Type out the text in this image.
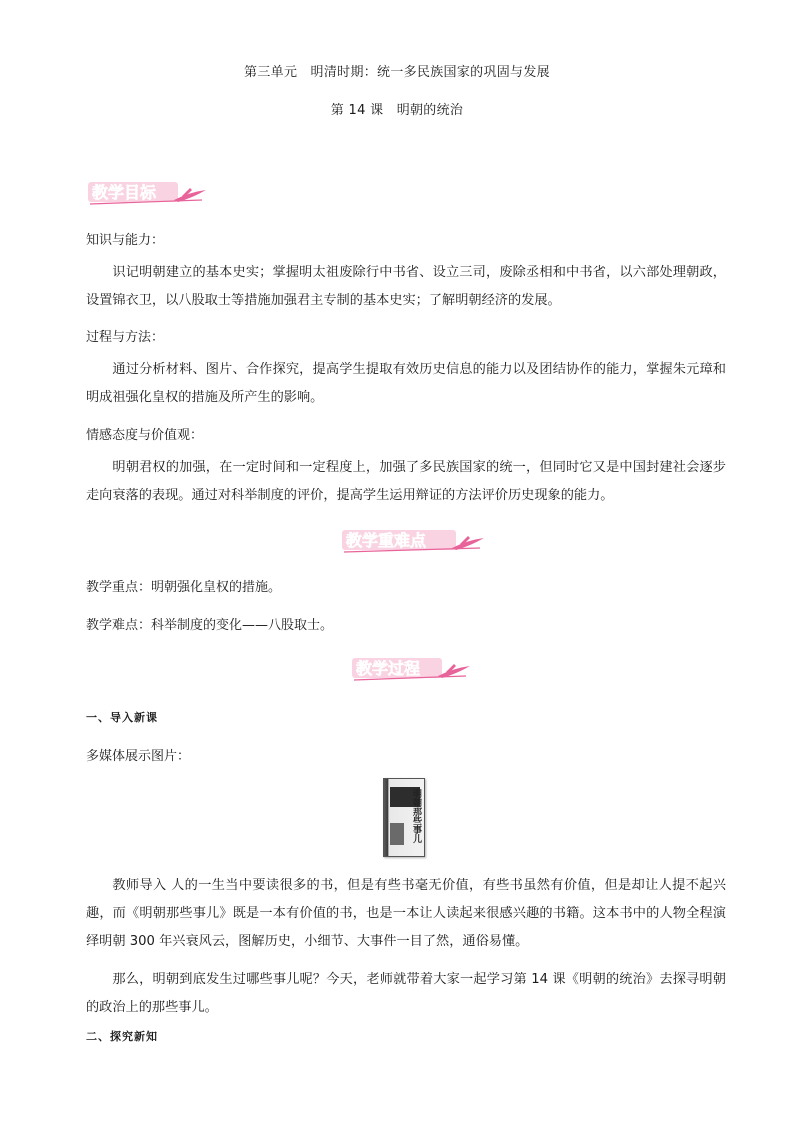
第三单元　明清时期：统一多民族国家的巩固与发展
第 14 课　明朝的统治
教学目标
知识与能力：
识记明朝建立的基本史实；掌握明太祖废除行中书省、设立三司，废除丞相和中书省，以六部处理朝政，设置锦衣卫，以八股取士等措施加强君主专制的基本史实；了解明朝经济的发展。
过程与方法：
通过分析材料、图片、合作探究，提高学生提取有效历史信息的能力以及团结协作的能力，掌握朱元璋和明成祖强化皇权的措施及所产生的影响。
情感态度与价值观：
明朝君权的加强，在一定时间和一定程度上，加强了多民族国家的统一，但同时它又是中国封建社会逐步走向衰落的表现。通过对科举制度的评价，提高学生运用辩证的方法评价历史现象的能力。
教学重难点
教学重点：明朝强化皇权的措施。
教学难点：科举制度的变化——八股取士。
教学过程
一、导入新课
多媒体展示图片：
明朝那些事儿
教师导入 人的一生当中要读很多的书，但是有些书毫无价值，有些书虽然有价值，但是却让人提不起兴趣，而《明朝那些事儿》既是一本有价值的书，也是一本让人读起来很感兴趣的书籍。这本书中的人物全程演绎明朝 300 年兴衰风云，图解历史，小细节、大事件一目了然，通俗易懂。
那么，明朝到底发生过哪些事儿呢？今天，老师就带着大家一起学习第 14 课《明朝的统治》去探寻明朝的政治上的那些事儿。
二、探究新知
